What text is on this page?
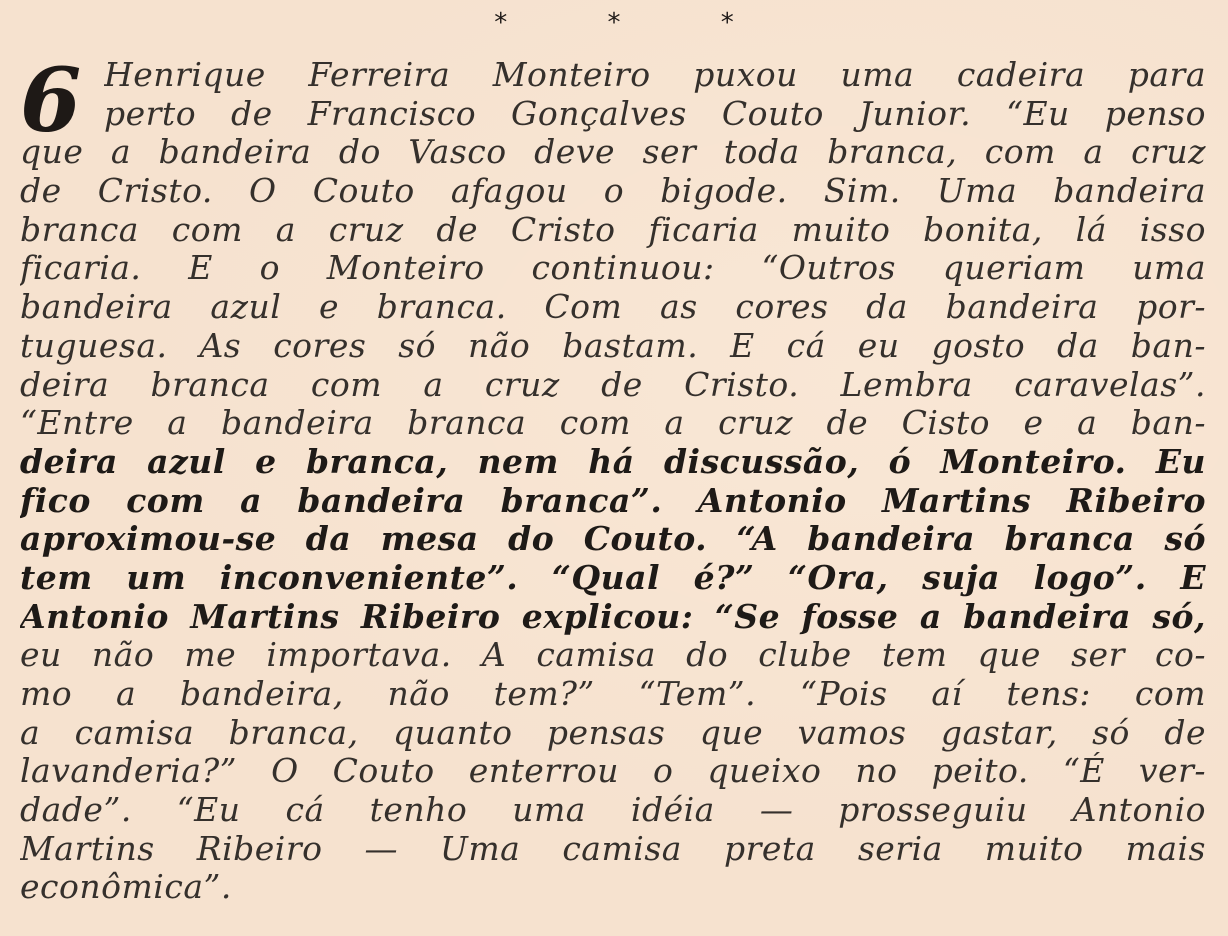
* * *
6 Henrique Ferreira Monteiro puxou uma cadeira para
perto de Francisco Gonçalves Couto Junior. “Eu penso
que a bandeira do Vasco deve ser toda branca, com a cruz
de Cristo. O Couto afagou o bigode. Sim. Uma bandeira
branca com a cruz de Cristo ficaria muito bonita, lá isso
ficaria. E o Monteiro continuou: “Outros queriam uma
bandeira azul e branca. Com as cores da bandeira por-
tuguesa. As cores só não bastam. E cá eu gosto da ban-
deira branca com a cruz de Cristo. Lembra caravelas”.
“Entre a bandeira branca com a cruz de Cisto e a ban-
deira azul e branca, nem há discussão, ó Monteiro. Eu
fico com a bandeira branca”. Antonio Martins Ribeiro
aproximou-se da mesa do Couto. “A bandeira branca só
tem um inconveniente”. “Qual é?” “Ora, suja logo”. E
Antonio Martins Ribeiro explicou: “Se fosse a bandeira só,
eu não me importava. A camisa do clube tem que ser co-
mo a bandeira, não tem?” “Tem”. “Pois aí tens: com
a camisa branca, quanto pensas que vamos gastar, só de
lavanderia?” O Couto enterrou o queixo no peito. “É ver-
dade”. “Eu cá tenho uma idéia — prosseguiu Antonio
Martins Ribeiro — Uma camisa preta seria muito mais
econômica”.
